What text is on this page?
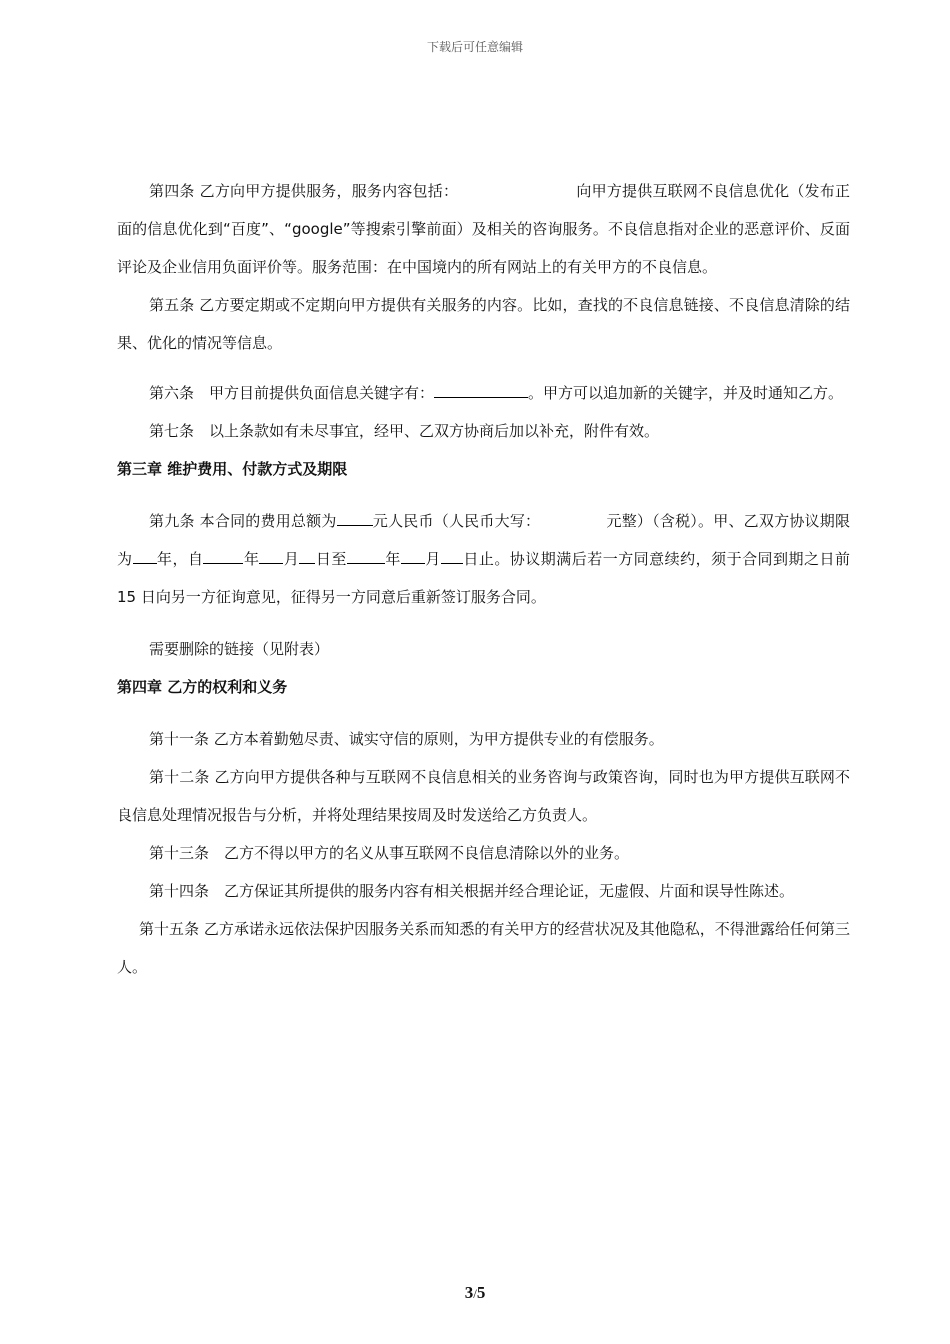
下载后可任意编辑

第四条 乙方向甲方提供服务，服务内容包括：	向甲方提供互联网不良信息优化（发布正面的信息优化到“百度”、“google”等搜索引擎前面）及相关的咨询服务。不良信息指对企业的恶意评价、反面评论及企业信用负面评价等。服务范围：在中国境内的所有网站上的有关甲方的不良信息。

第五条 乙方要定期或不定期向甲方提供有关服务的内容。比如，查找的不良信息链接、不良信息清除的结果、优化的情况等信息。

第六条　甲方目前提供负面信息关键字有：	。甲方可以追加新的关键字，并及时通知乙方。

第七条　以上条款如有未尽事宜，经甲、乙双方协商后加以补充，附件有效。

第三章 维护费用、付款方式及期限

第九条 本合同的费用总额为 元人民币（人民币大写：	元整）（含税）。甲、乙双方协议期限为 年，自	年 月 日至	年 月 日止。协议期满后若一方同意续约，须于合同到期之日前 15 日向另一方征询意见，征得另一方同意后重新签订服务合同。

需要删除的链接（见附表）

第四章 乙方的权利和义务

第十一条 乙方本着勤勉尽责、诚实守信的原则，为甲方提供专业的有偿服务。

第十二条 乙方向甲方提供各种与互联网不良信息相关的业务咨询与政策咨询，同时也为甲方提供互联网不良信息处理情况报告与分析，并将处理结果按周及时发送给乙方负责人。

第十三条　乙方不得以甲方的名义从事互联网不良信息清除以外的业务。

第十四条　乙方保证其所提供的服务内容有相关根据并经合理论证，无虚假、片面和误导性陈述。

第十五条 乙方承诺永远依法保护因服务关系而知悉的有关甲方的经营状况及其他隐私，不得泄露给任何第三人。

3/5
